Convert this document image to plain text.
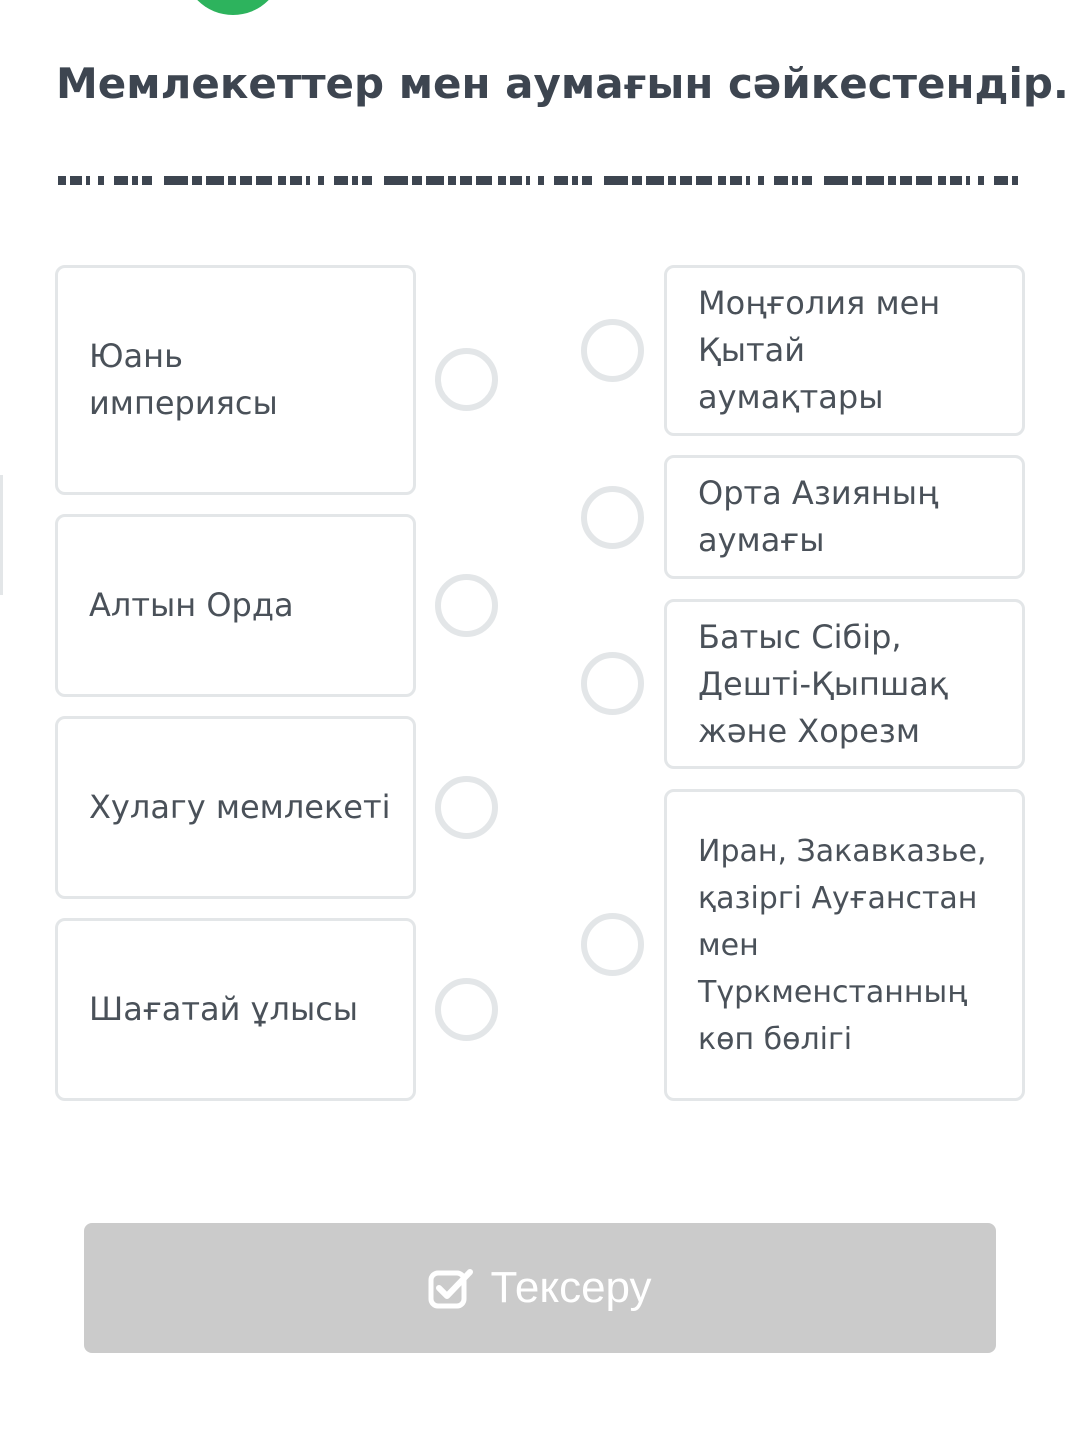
Мемлекеттер мен аумағын сәйкестендір.
Юань империясы
Алтын Орда
Хулагу мемлекеті
Шағатай ұлысы
Моңғолия мен Қытай аумақтары
Орта Азияның аумағы
Батыс Сібір, Дешті-Қыпшақ және Хорезм
Иран, Закавказье, қазіргі Ауғанстан мен Түркменстанның көп бөлігі
Тексеру
